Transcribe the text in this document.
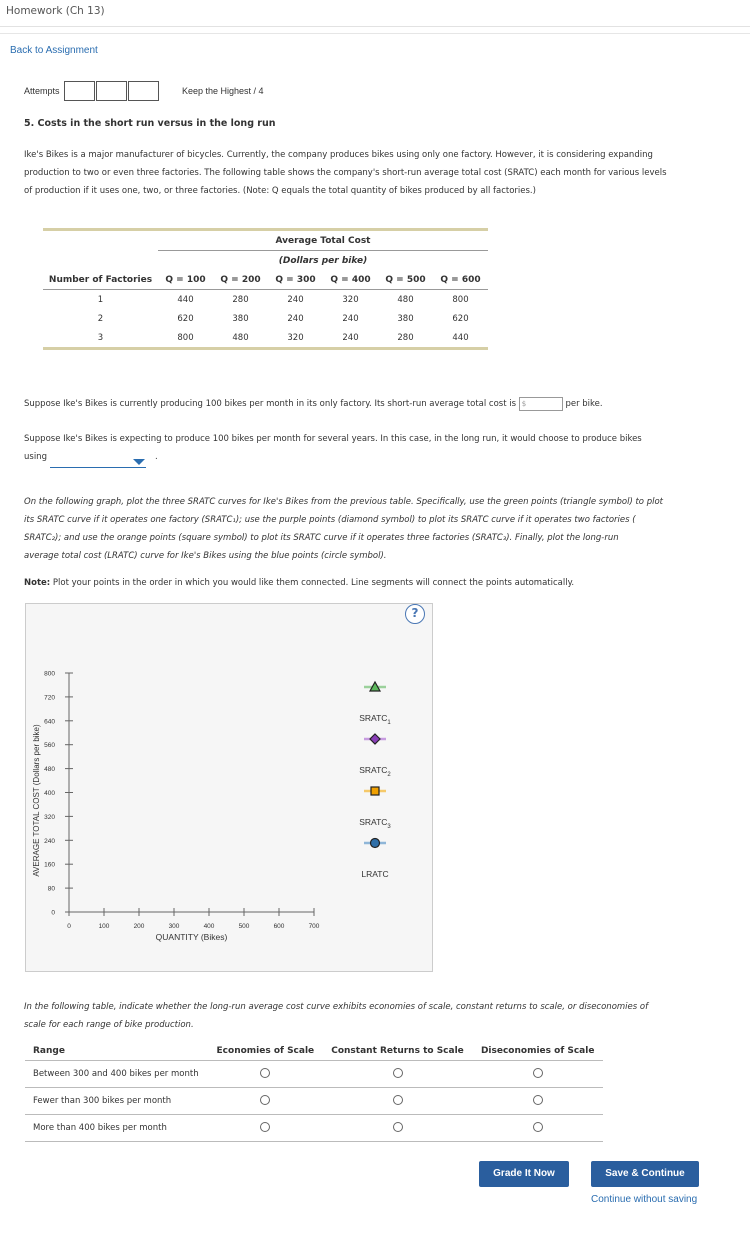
Homework (Ch 13)
Back to Assignment
Attempts	Keep the Highest / 4
5. Costs in the short run versus in the long run
Ike's Bikes is a major manufacturer of bicycles. Currently, the company produces bikes using only one factory. However, it is considering expanding
production to two or even three factories. The following table shows the company's short-run average total cost (SRATC) each month for various levels
of production if it uses one, two, or three factories. (Note: Q equals the total quantity of bikes produced by all factories.)
	Average Total Cost					
	(Dollars per bike)					
Number of Factories	Q = 100	Q = 200	Q = 300	Q = 400	Q = 500	Q = 600
1	440	280	240	320	480	800
2	620	380	240	240	380	620
3	800	480	320	240	280	440
Suppose Ike's Bikes is currently producing 100 bikes per month in its only factory. Its short-run average total cost is $	per bike.
Suppose Ike's Bikes is expecting to produce 100 bikes per month for several years. In this case, in the long run, it would choose to produce bikes
using	.
On the following graph, plot the three SRATC curves for Ike's Bikes from the previous table. Specifically, use the green points (triangle symbol) to plot
its SRATC curve if it operates one factory (SRATC₁); use the purple points (diamond symbol) to plot its SRATC curve if it operates two factories (
SRATC₂); and use the orange points (square symbol) to plot its SRATC curve if it operates three factories (SRATC₃). Finally, plot the long-run
average total cost (LRATC) curve for Ike's Bikes using the blue points (circle symbol).
Note: Plot your points in the order in which you would like them connected. Line segments will connect the points automatically.
?
0	100	200	300	400	500	600	700
0
80
160
240
320
400
480
560
640
720
800
QUANTITY (Bikes)
AVERAGE TOTAL COST (Dollars per bike)
$SRATC_1$
$SRATC_2$
$SRATC_3$
LRATC
In the following table, indicate whether the long-run average cost curve exhibits economies of scale, constant returns to scale, or diseconomies of
scale for each range of bike production.
Range	Economies of Scale	Constant Returns to Scale	Diseconomies of Scale
Between 300 and 400 bikes per month			
Fewer than 300 bikes per month			
More than 400 bikes per month			
Grade It Now	Save & Continue
Continue without saving
